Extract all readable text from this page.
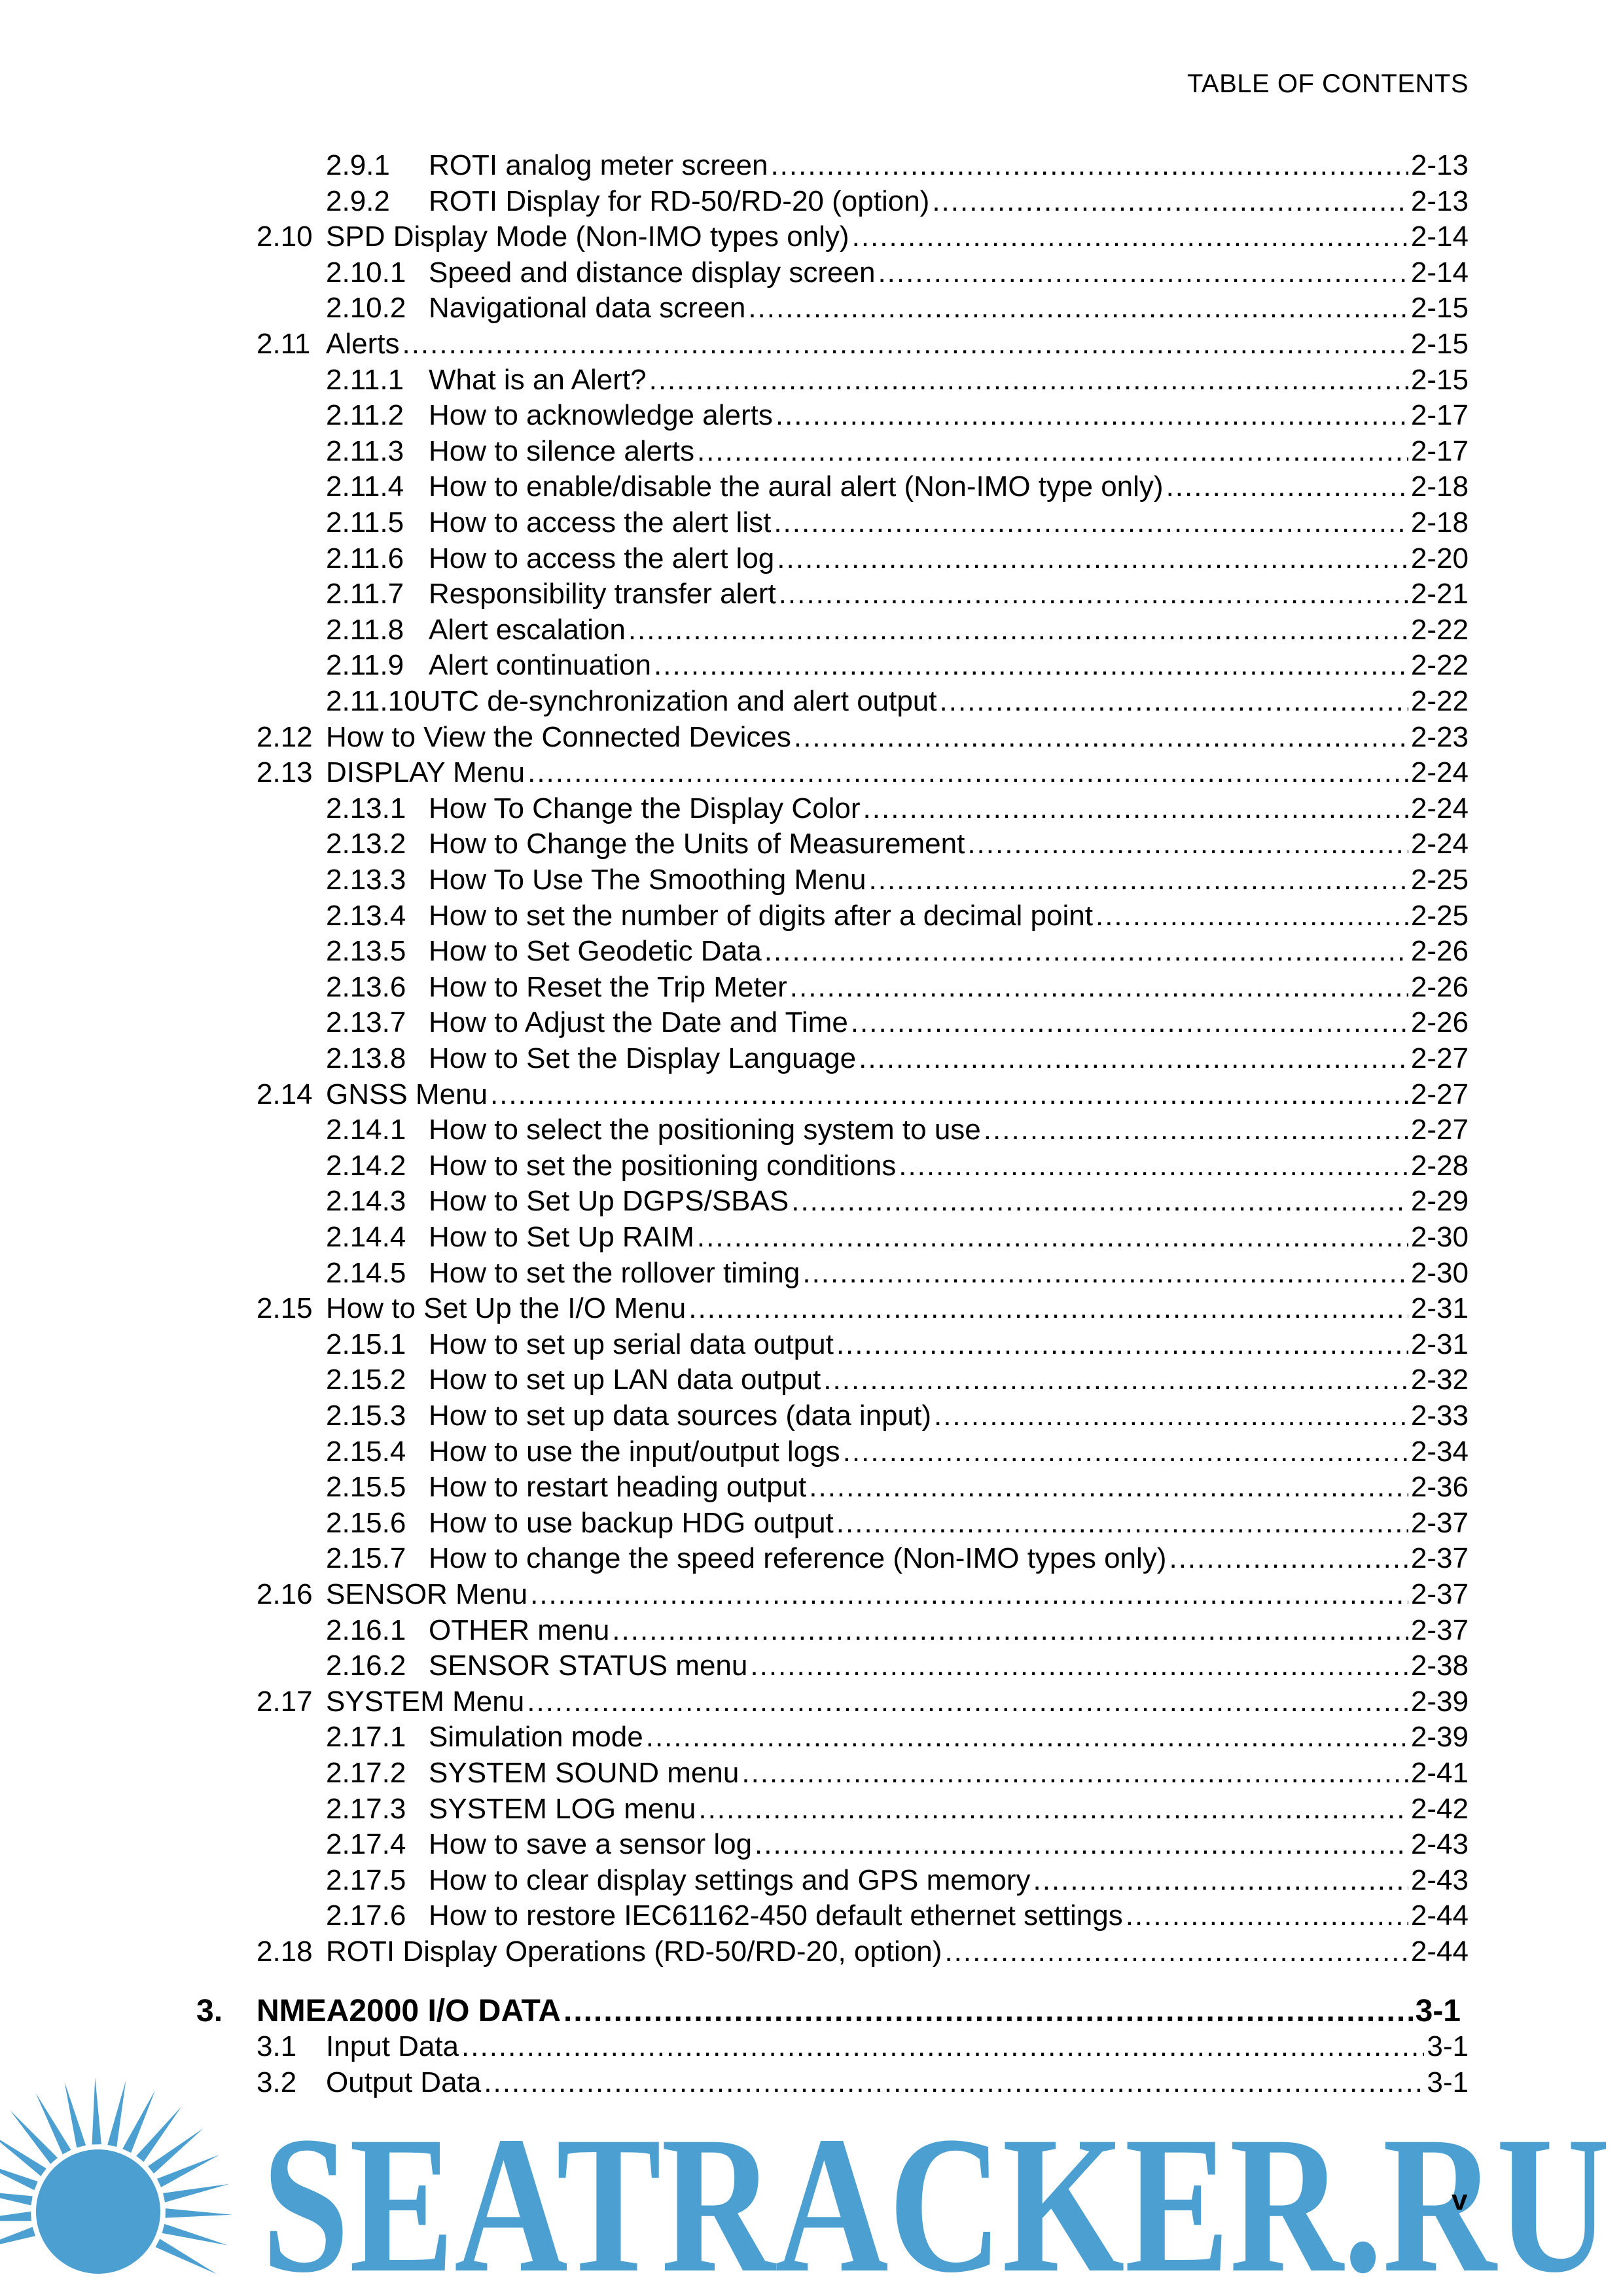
TABLE OF CONTENTS
2.9.1	ROTI analog meter screen .....	2-13
2.9.2	ROTI Display for RD-50/RD-20 (option) .....	2-13
2.10 SPD Display Mode (Non-IMO types only) .....	2-14
2.10.1 Speed and distance display screen .....	2-14
2.10.2 Navigational data screen .....	2-15
2.11 Alerts .....	2-15
2.11.1 What is an Alert? .....	2-15
2.11.2 How to acknowledge alerts .....	2-17
2.11.3 How to silence alerts .....	2-17
2.11.4 How to enable/disable the aural alert (Non-IMO type only) .....	2-18
2.11.5 How to access the alert list .....	2-18
2.11.6 How to access the alert log .....	2-20
2.11.7 Responsibility transfer alert .....	2-21
2.11.8 Alert escalation .....	2-22
2.11.9 Alert continuation .....	2-22
2.11.10 UTC de-synchronization and alert output .....	2-22
2.12 How to View the Connected Devices .....	2-23
2.13 DISPLAY Menu .....	2-24
2.13.1 How To Change the Display Color .....	2-24
2.13.2 How to Change the Units of Measurement .....	2-24
2.13.3 How To Use The Smoothing Menu .....	2-25
2.13.4 How to set the number of digits after a decimal point .....	2-25
2.13.5 How to Set Geodetic Data .....	2-26
2.13.6 How to Reset the Trip Meter .....	2-26
2.13.7 How to Adjust the Date and Time .....	2-26
2.13.8 How to Set the Display Language .....	2-27
2.14 GNSS Menu .....	2-27
2.14.1 How to select the positioning system to use .....	2-27
2.14.2 How to set the positioning conditions .....	2-28
2.14.3 How to Set Up DGPS/SBAS .....	2-29
2.14.4 How to Set Up RAIM .....	2-30
2.14.5 How to set the rollover timing .....	2-30
2.15 How to Set Up the I/O Menu .....	2-31
2.15.1 How to set up serial data output .....	2-31
2.15.2 How to set up LAN data output .....	2-32
2.15.3 How to set up data sources (data input) .....	2-33
2.15.4 How to use the input/output logs .....	2-34
2.15.5 How to restart heading output .....	2-36
2.15.6 How to use backup HDG output .....	2-37
2.15.7 How to change the speed reference (Non-IMO types only) .....	2-37
2.16 SENSOR Menu .....	2-37
2.16.1 OTHER menu .....	2-37
2.16.2 SENSOR STATUS menu .....	2-38
2.17 SYSTEM Menu .....	2-39
2.17.1 Simulation mode .....	2-39
2.17.2 SYSTEM SOUND menu .....	2-41
2.17.3 SYSTEM LOG menu .....	2-42
2.17.4 How to save a sensor log .....	2-43
2.17.5 How to clear display settings and GPS memory .....	2-43
2.17.6 How to restore IEC61162-450 default ethernet settings .....	2-44
2.18 ROTI Display Operations (RD-50/RD-20, option) .....	2-44
3.	NMEA2000 I/O DATA .....	3-1
3.1	Input Data .....	3-1
3.2	Output Data .....	3-1
SEATRACKER.RU
v
